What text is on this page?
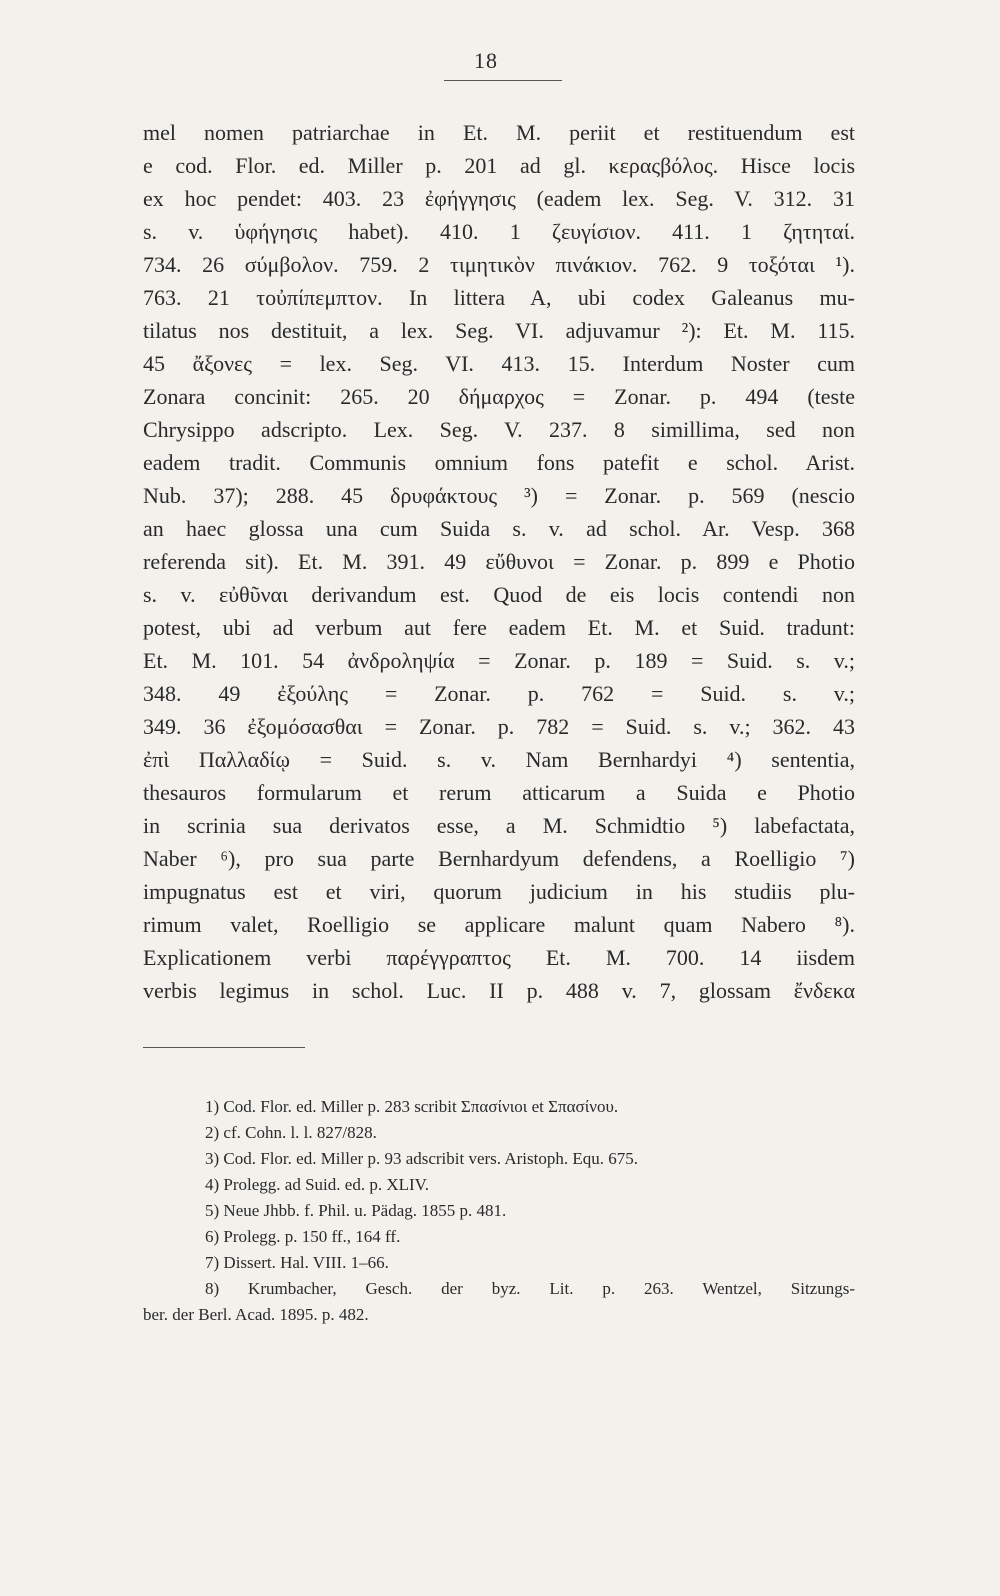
18
mel nomen patriarchae in Et. M. periit et restituendum est
e cod. Flor. ed. Miller p. 201 ad gl. κεραςβόλος. Hisce locis
ex hoc pendet: 403. 23 ἐφήγγησις (eadem lex. Seg. V. 312. 31
s. v. ὑφήγησις habet). 410. 1 ζευγίσιον. 411. 1 ζητηταί.
734. 26 σύμβολον. 759. 2 τιμητικὸν πινάκιον. 762. 9 τοξόται ¹).
763. 21 τοὐπίπεμπτον. In littera A, ubi codex Galeanus mu-
tilatus nos destituit, a lex. Seg. VI. adjuvamur ²): Et. M. 115.
45 ἄξονες = lex. Seg. VI. 413. 15. Interdum Noster cum
Zonara concinit: 265. 20 δήμαρχος = Zonar. p. 494 (teste
Chrysippo adscripto. Lex. Seg. V. 237. 8 simillima, sed non
eadem tradit. Communis omnium fons patefit e schol. Arist.
Nub. 37); 288. 45 δρυφάκτους ³) = Zonar. p. 569 (nescio
an haec glossa una cum Suida s. v. ad schol. Ar. Vesp. 368
referenda sit). Et. M. 391. 49 εὔθυνοι = Zonar. p. 899 e Photio
s. v. εὐθῦναι derivandum est. Quod de eis locis contendi non
potest, ubi ad verbum aut fere eadem Et. M. et Suid. tradunt:
Et. M. 101. 54 ἀνδροληψία = Zonar. p. 189 = Suid. s. v.;
348. 49 ἐξούλης = Zonar. p. 762 = Suid. s. v.;
349. 36 ἐξομόσασθαι = Zonar. p. 782 = Suid. s. v.; 362. 43
ἐπὶ Παλλαδίῳ = Suid. s. v. Nam Bernhardyi ⁴) sententia,
thesauros formularum et rerum atticarum a Suida e Photio
in scrinia sua derivatos esse, a M. Schmidtio ⁵) labefactata,
Naber ⁶), pro sua parte Bernhardyum defendens, a Roelligio ⁷)
impugnatus est et viri, quorum judicium in his studiis plu-
rimum valet, Roelligio se applicare malunt quam Nabero ⁸).
Explicationem verbi παρέγγραπτος Et. M. 700. 14 iisdem
verbis legimus in schol. Luc. II p. 488 v. 7, glossam ἔνδεκα
1) Cod. Flor. ed. Miller p. 283 scribit Σπασίνιοι et Σπασίνου.
2) cf. Cohn. l. l. 827/828.
3) Cod. Flor. ed. Miller p. 93 adscribit vers. Aristoph. Equ. 675.
4) Prolegg. ad Suid. ed. p. XLIV.
5) Neue Jhbb. f. Phil. u. Pädag. 1855 p. 481.
6) Prolegg. p. 150 ff., 164 ff.
7) Dissert. Hal. VIII. 1–66.
8) Krumbacher, Gesch. der byz. Lit. p. 263. Wentzel, Sitzungs-
ber. der Berl. Acad. 1895. p. 482.
